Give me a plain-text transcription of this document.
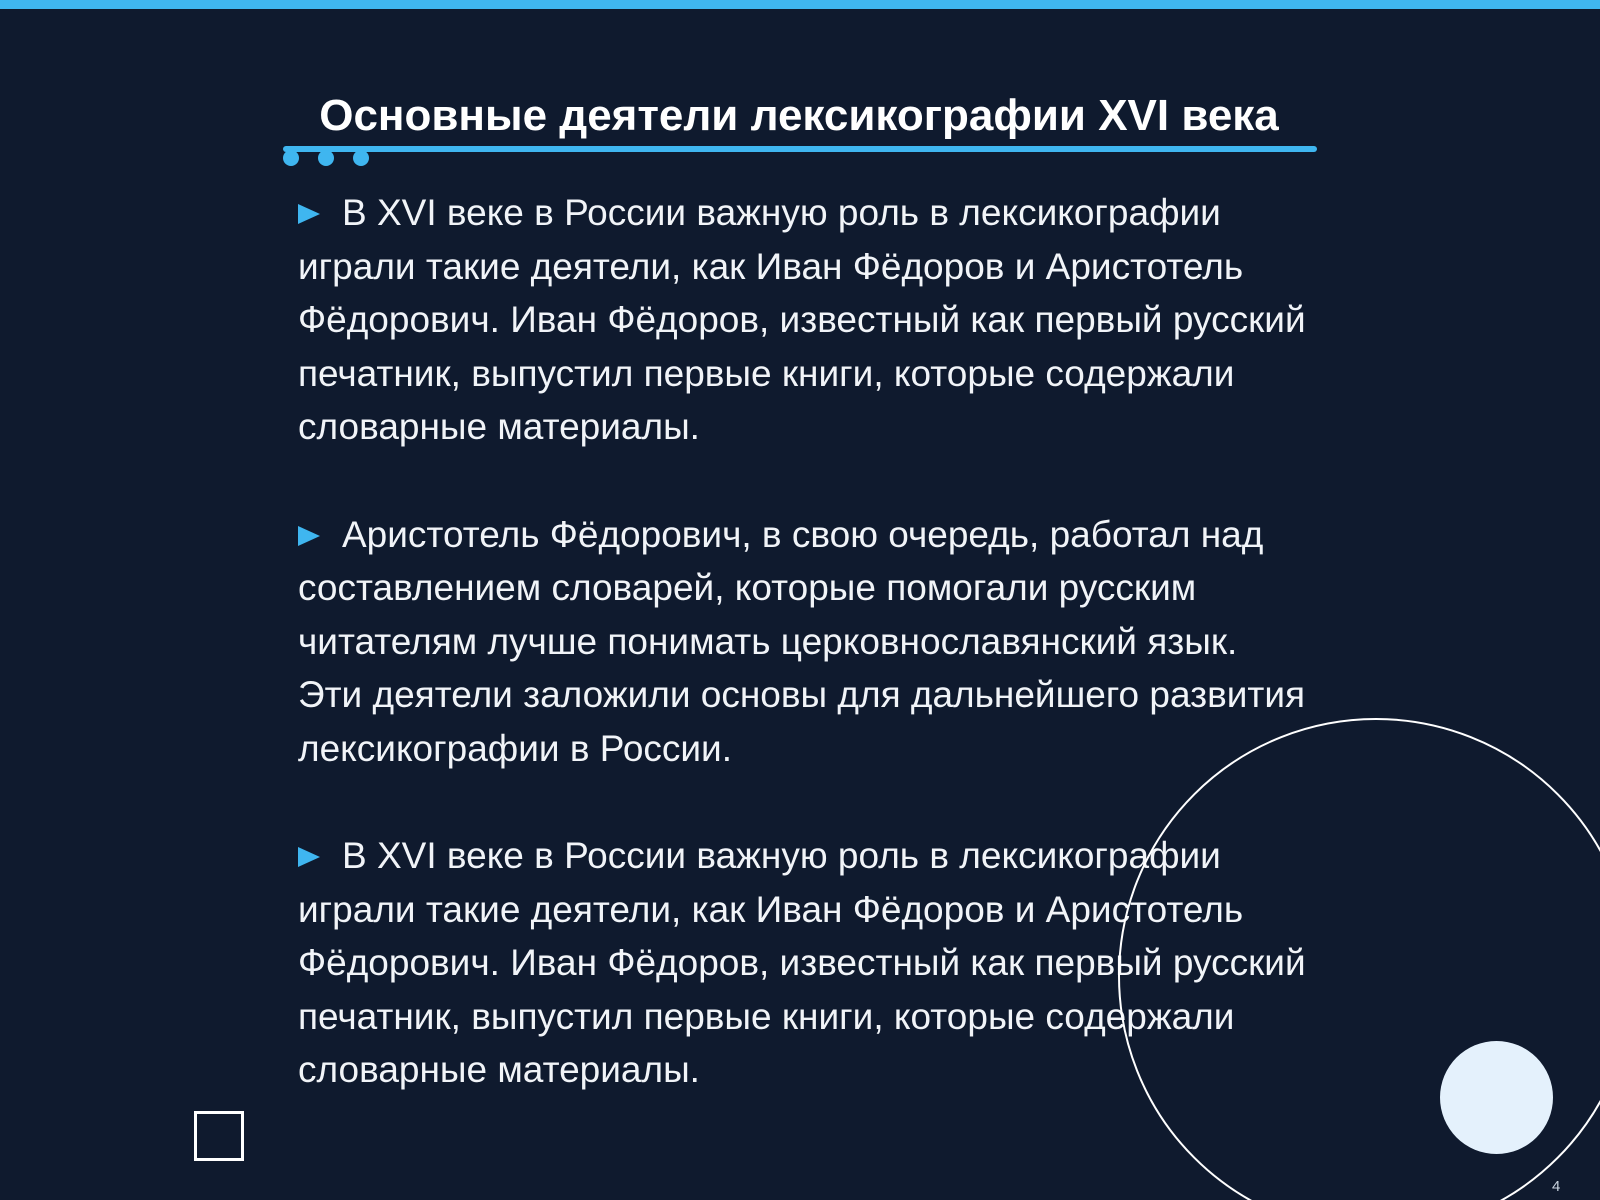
Основные деятели лексикографии XVI века

В XVI веке в России важную роль в лексикографии играли такие деятели, как Иван Фёдоров и Аристотель Фёдорович. Иван Фёдоров, известный как первый русский печатник, выпустил первые книги, которые содержали словарные материалы.

Аристотель Фёдорович, в свою очередь, работал над составлением словарей, которые помогали русским читателям лучше понимать церковнославянский язык. Эти деятели заложили основы для дальнейшего развития лексикографии в России.

В XVI веке в России важную роль в лексикографии играли такие деятели, как Иван Фёдоров и Аристотель Фёдорович. Иван Фёдоров, известный как первый русский печатник, выпустил первые книги, которые содержали словарные материалы.

4
